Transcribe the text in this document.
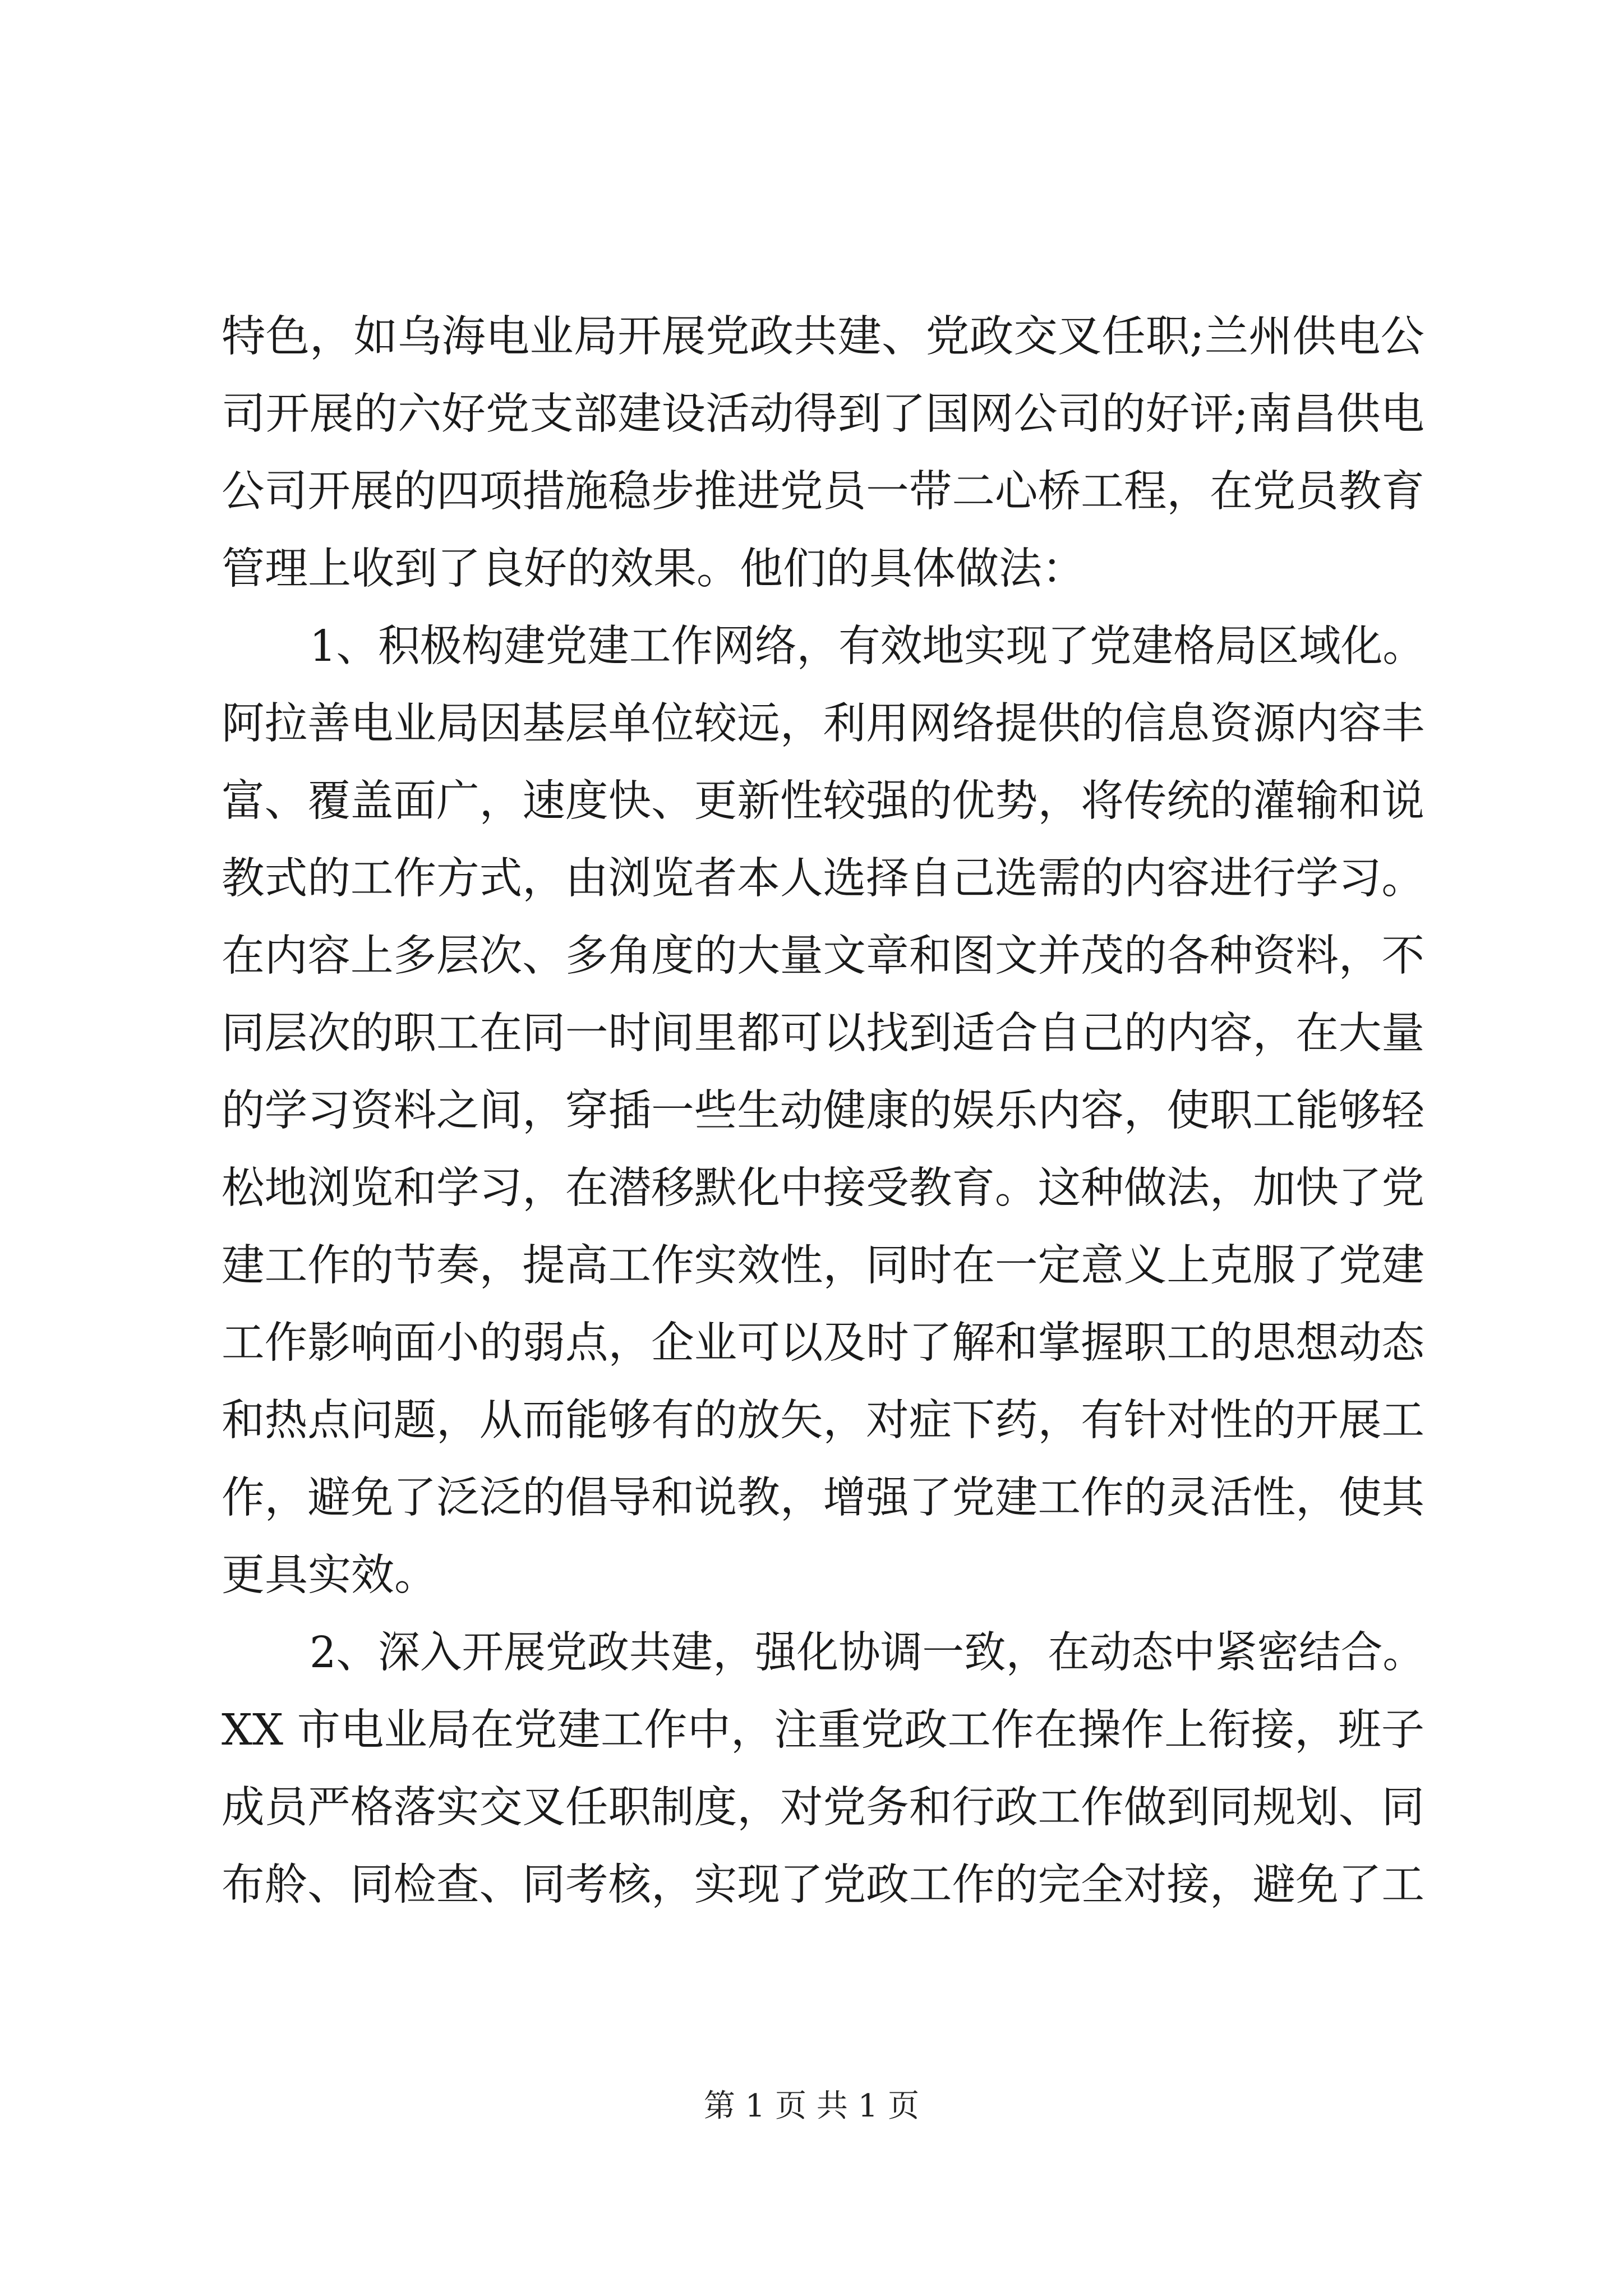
特色，如乌海电业局开展党政共建、党政交叉任职;兰州供电公
司开展的六好党支部建设活动得到了国网公司的好评;南昌供电
公司开展的四项措施稳步推进党员一带二心桥工程，在党员教育
管理上收到了良好的效果。他们的具体做法：
1、积极构建党建工作网络，有效地实现了党建格局区域化。
阿拉善电业局因基层单位较远，利用网络提供的信息资源内容丰
富、覆盖面广，速度快、更新性较强的优势，将传统的灌输和说
教式的工作方式，由浏览者本人选择自己选需的内容进行学习。
在内容上多层次、多角度的大量文章和图文并茂的各种资料，不
同层次的职工在同一时间里都可以找到适合自己的内容，在大量
的学习资料之间，穿插一些生动健康的娱乐内容，使职工能够轻
松地浏览和学习，在潜移默化中接受教育。这种做法，加快了党
建工作的节奏，提高工作实效性，同时在一定意义上克服了党建
工作影响面小的弱点，企业可以及时了解和掌握职工的思想动态
和热点问题，从而能够有的放矢，对症下药，有针对性的开展工
作，避免了泛泛的倡导和说教，增强了党建工作的灵活性，使其
更具实效。
2、深入开展党政共建，强化协调一致，在动态中紧密结合。
XX 市电业局在党建工作中，注重党政工作在操作上衔接，班子
成员严格落实交叉任职制度，对党务和行政工作做到同规划、同
布舲、同检查、同考核，实现了党政工作的完全对接，避免了工
第 1 页 共 1 页
